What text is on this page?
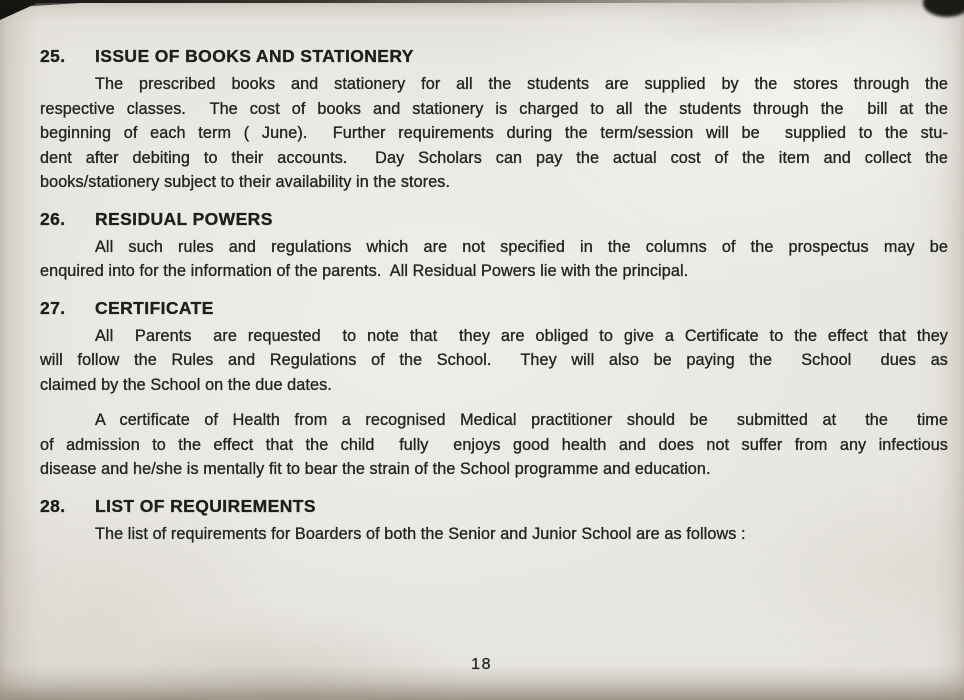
25.	ISSUE OF BOOKS AND STATIONERY
The prescribed books and stationery for all the students are supplied by the stores through the
respective classes.  The cost of books and stationery is charged to all the students through the  bill at the
beginning of each term ( June).  Further requirements during the term/session will be  supplied to the stu-
dent after debiting to their accounts.  Day Scholars can pay the actual cost of the item and collect the
books/stationery subject to their availability in the stores.
26.	RESIDUAL POWERS
All such rules and regulations which are not specified in the columns of the prospectus may be
enquired into for the information of the parents.  All Residual Powers lie with the principal.
27.	CERTIFICATE
All  Parents  are requested  to note that  they are obliged to give a Certificate to the effect that they
will follow the Rules and Regulations of the School.  They will also be paying the  School  dues as
claimed by the School on the due dates.
A certificate of Health from a recognised Medical practitioner should be  submitted at  the  time
of admission to the effect that the child  fully  enjoys good health and does not suffer from any infectious
disease and he/she is mentally fit to bear the strain of the School programme and education.
28.	LIST OF REQUIREMENTS
The list of requirements for Boarders of both the Senior and Junior School are as follows :
18
